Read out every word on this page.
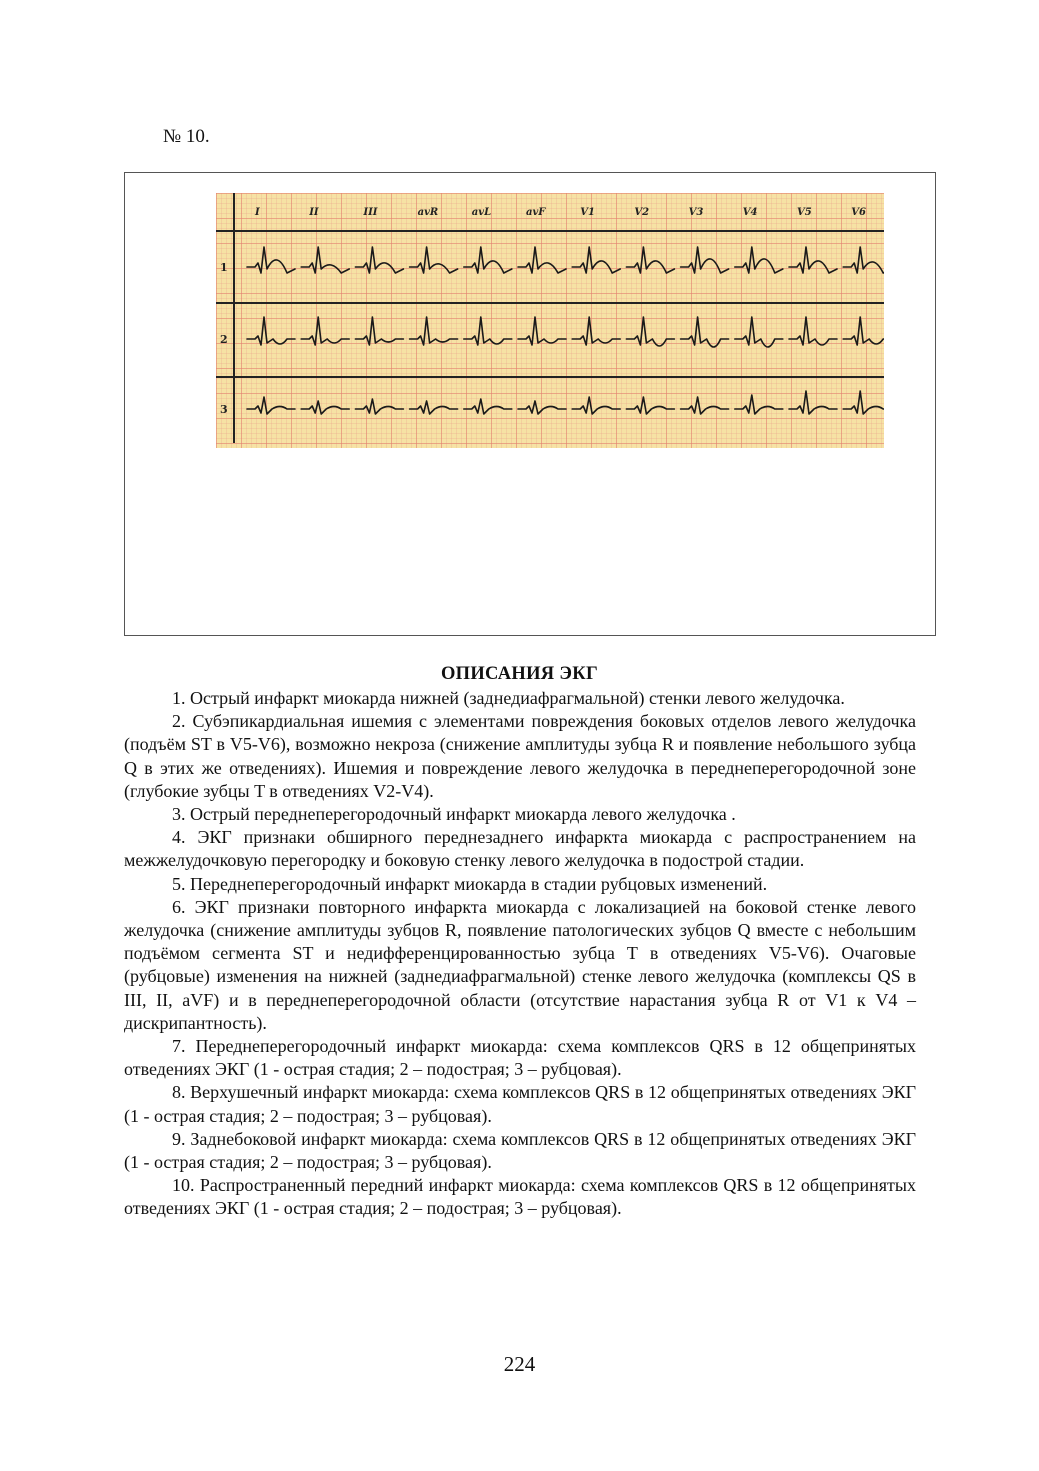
№ 10.
I	II	III	avR	avL	avF	V1	V2	V3	V4	V5	V6
1
2
3
ОПИСАНИЯ ЭКГ
1. Острый инфаркт миокарда нижней (заднедиафрагмальной) стенки левого желудочка.
2. Субэпикардиальная ишемия с элементами повреждения боковых отделов левого желудочка (подъём ST в V5-V6), возможно некроза (снижение амплитуды зубца R и появление небольшого зубца Q в этих же отведениях). Ишемия и повреждение левого желудочка в переднеперегородочной зоне (глубокие зубцы T в отведениях V2-V4).
3. Острый переднеперегородочный инфаркт миокарда левого желудочка .
4. ЭКГ признаки обширного переднезаднего инфаркта миокарда с распространением на межжелудочковую перегородку и боковую стенку левого желудочка в подострой стадии.
5. Переднеперегородочный инфаркт миокарда в стадии рубцовых изменений.
6. ЭКГ признаки повторного инфаркта миокарда с локализацией на боковой стенке левого желудочка (снижение амплитуды зубцов R, появление патологических зубцов Q вместе с небольшим подъёмом сегмента ST и недифференцированностью зубца Т в отведениях V5-V6). Очаговые (рубцовые) изменения на нижней (заднедиафрагмальной) стенке левого желудочка (комплексы QS в III, II, aVF) и в переднеперегородочной области (отсутствие нарастания зубца R от V1 к V4 – дискрипантность).
7. Переднеперегородочный инфаркт миокарда: схема комплексов QRS в 12 общепринятых отведениях ЭКГ (1 - острая стадия; 2 – подострая; 3 – рубцовая).
8. Верхушечный инфаркт миокарда: схема комплексов QRS в 12 общепринятых отведениях ЭКГ (1 - острая стадия; 2 – подострая; 3 – рубцовая).
9. Заднебоковой инфаркт миокарда: схема комплексов QRS в 12 общепринятых отведениях ЭКГ (1 - острая стадия; 2 – подострая; 3 – рубцовая).
10. Распространенный передний инфаркт миокарда: схема комплексов QRS в 12 общепринятых отведениях ЭКГ (1 - острая стадия; 2 – подострая; 3 – рубцовая).
224
